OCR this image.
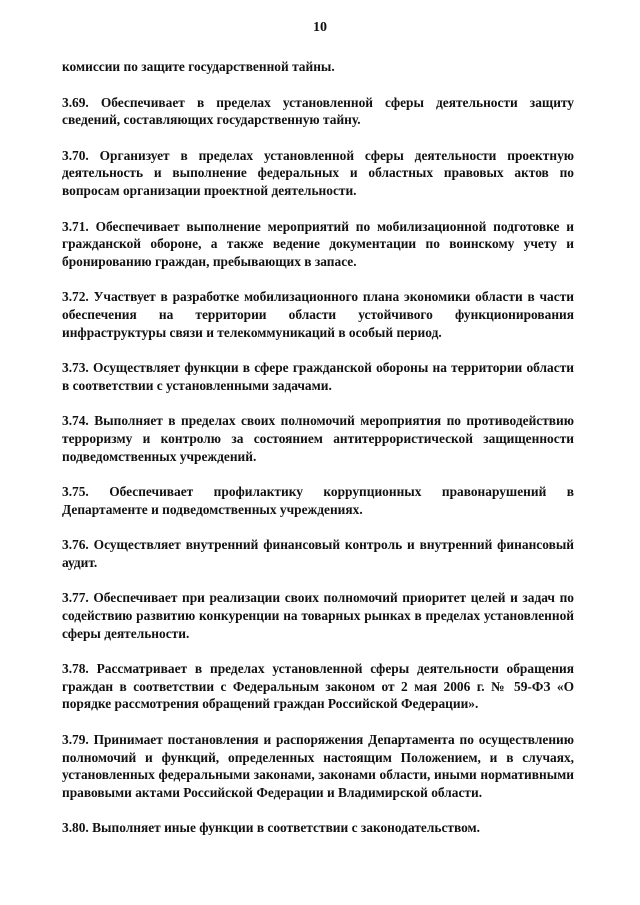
10

комиссии по защите государственной тайны.

3.69. Обеспечивает в пределах установленной сферы деятельности защиту сведений, составляющих государственную тайну.

3.70. Организует в пределах установленной сферы деятельности проектную деятельность и выполнение федеральных и областных правовых актов по вопросам организации проектной деятельности.

3.71. Обеспечивает выполнение мероприятий по мобилизационной подготовке и гражданской обороне, а также ведение документации по воинскому учету и бронированию граждан, пребывающих в запасе.

3.72. Участвует в разработке мобилизационного плана экономики области в части обеспечения на территории области устойчивого функционирования инфраструктуры связи и телекоммуникаций в особый период.

3.73. Осуществляет функции в сфере гражданской обороны на территории области в соответствии с установленными задачами.

3.74. Выполняет в пределах своих полномочий мероприятия по противодействию терроризму и контролю за состоянием антитеррористической защищенности подведомственных учреждений.

3.75. Обеспечивает профилактику коррупционных правонарушений в Департаменте и подведомственных учреждениях.

3.76. Осуществляет внутренний финансовый контроль и внутренний финансовый аудит.

3.77. Обеспечивает при реализации своих полномочий приоритет целей и задач по содействию развитию конкуренции на товарных рынках в пределах установленной сферы деятельности.

3.78. Рассматривает в пределах установленной сферы деятельности обращения граждан в соответствии с Федеральным законом от 2 мая 2006 г. № 59-ФЗ «О порядке рассмотрения обращений граждан Российской Федерации».

3.79. Принимает постановления и распоряжения Департамента по осуществлению полномочий и функций, определенных настоящим Положением, и в случаях, установленных федеральными законами, законами области, иными нормативными правовыми актами Российской Федерации и Владимирской области.

3.80. Выполняет иные функции в соответствии с законодательством.
